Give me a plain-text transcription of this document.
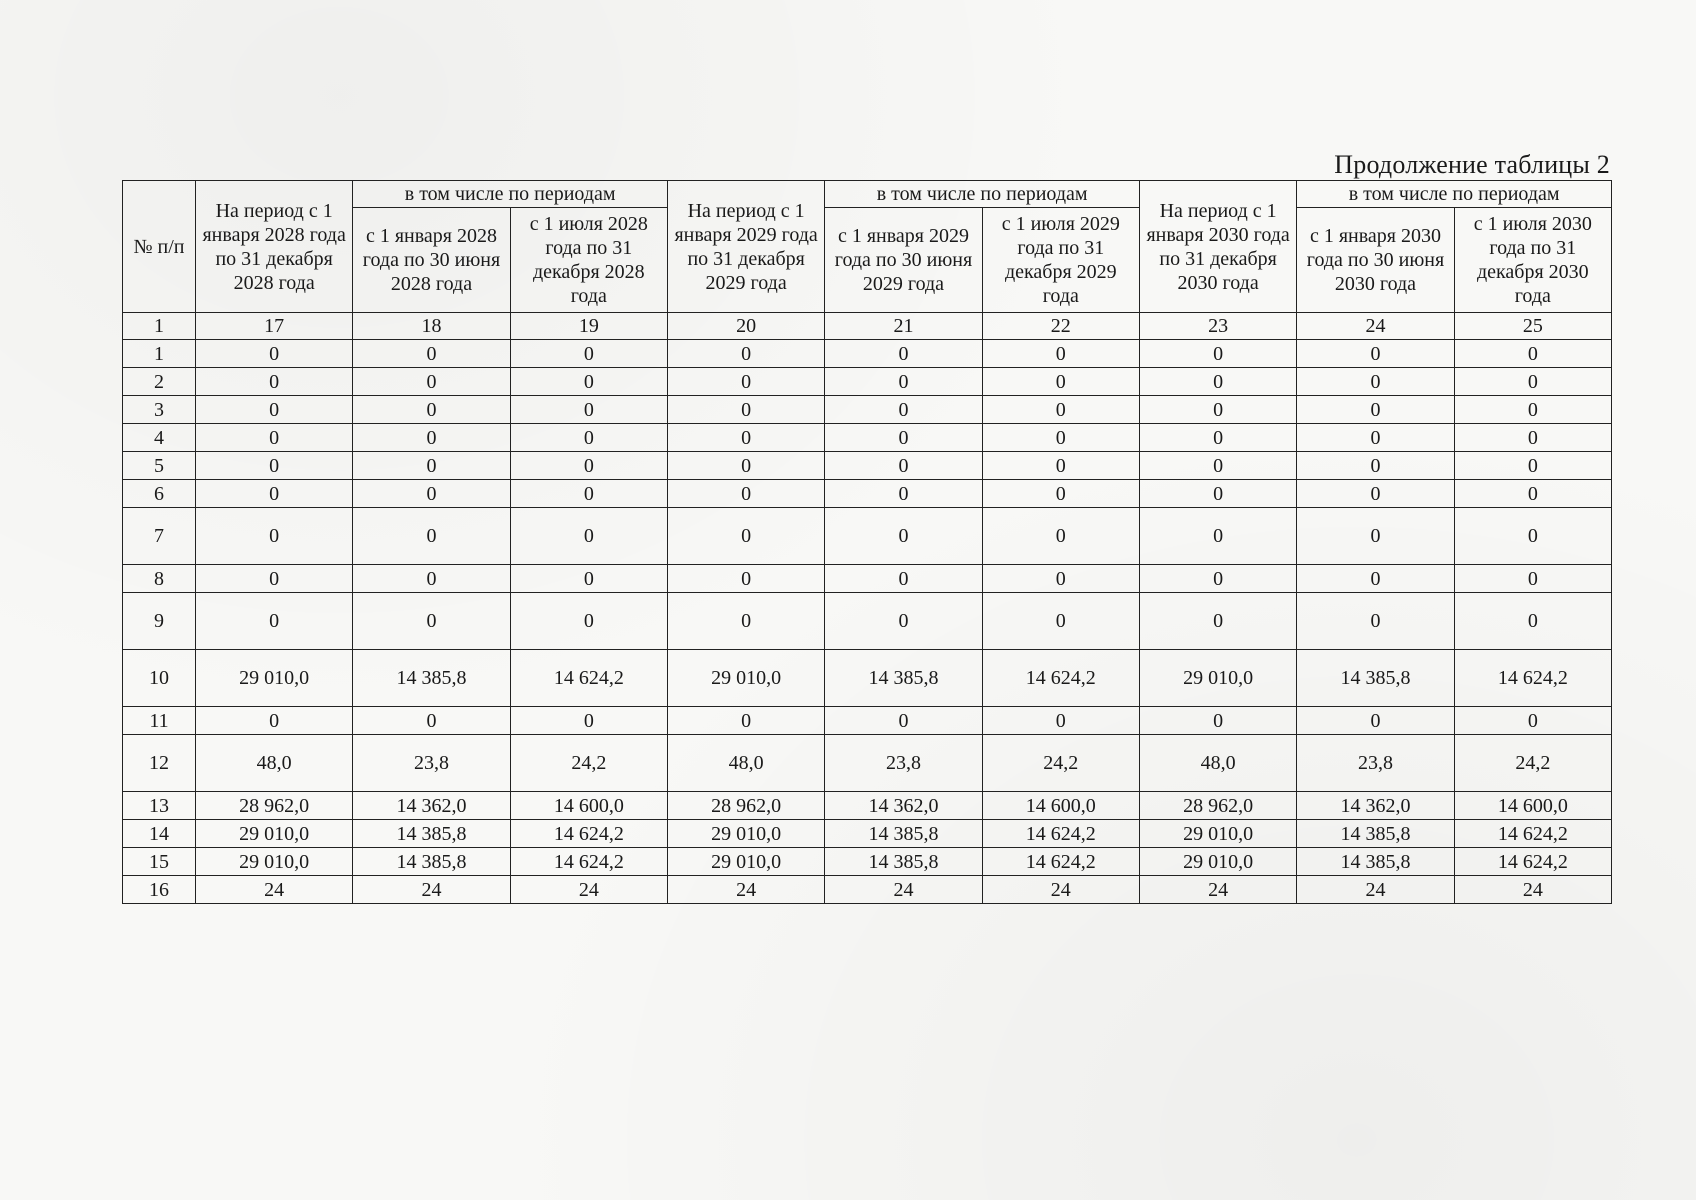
Продолжение таблицы 2
№ п/п	На период с 1 января 2028 года по 31 декабря 2028 года	в том числе по периодам		На период с 1 января 2029 года по 31 декабря 2029 года	в том числе по периодам		На период с 1 января 2030 года по 31 декабря 2030 года	в том числе по периодам	
		с 1 января 2028 года по 30 июня 2028 года	с 1 июля 2028 года по 31 декабря 2028 года		с 1 января 2029 года по 30 июня 2029 года	с 1 июля 2029 года по 31 декабря 2029 года		с 1 января 2030 года по 30 июня 2030 года	с 1 июля 2030 года по 31 декабря 2030 года
1	17	18	19	20	21	22	23	24	25
1	0	0	0	0	0	0	0	0	0
2	0	0	0	0	0	0	0	0	0
3	0	0	0	0	0	0	0	0	0
4	0	0	0	0	0	0	0	0	0
5	0	0	0	0	0	0	0	0	0
6	0	0	0	0	0	0	0	0	0
7	0	0	0	0	0	0	0	0	0
8	0	0	0	0	0	0	0	0	0
9	0	0	0	0	0	0	0	0	0
10	29 010,0	14 385,8	14 624,2	29 010,0	14 385,8	14 624,2	29 010,0	14 385,8	14 624,2
11	0	0	0	0	0	0	0	0	0
12	48,0	23,8	24,2	48,0	23,8	24,2	48,0	23,8	24,2
13	28 962,0	14 362,0	14 600,0	28 962,0	14 362,0	14 600,0	28 962,0	14 362,0	14 600,0
14	29 010,0	14 385,8	14 624,2	29 010,0	14 385,8	14 624,2	29 010,0	14 385,8	14 624,2
15	29 010,0	14 385,8	14 624,2	29 010,0	14 385,8	14 624,2	29 010,0	14 385,8	14 624,2
16	24	24	24	24	24	24	24	24	24
